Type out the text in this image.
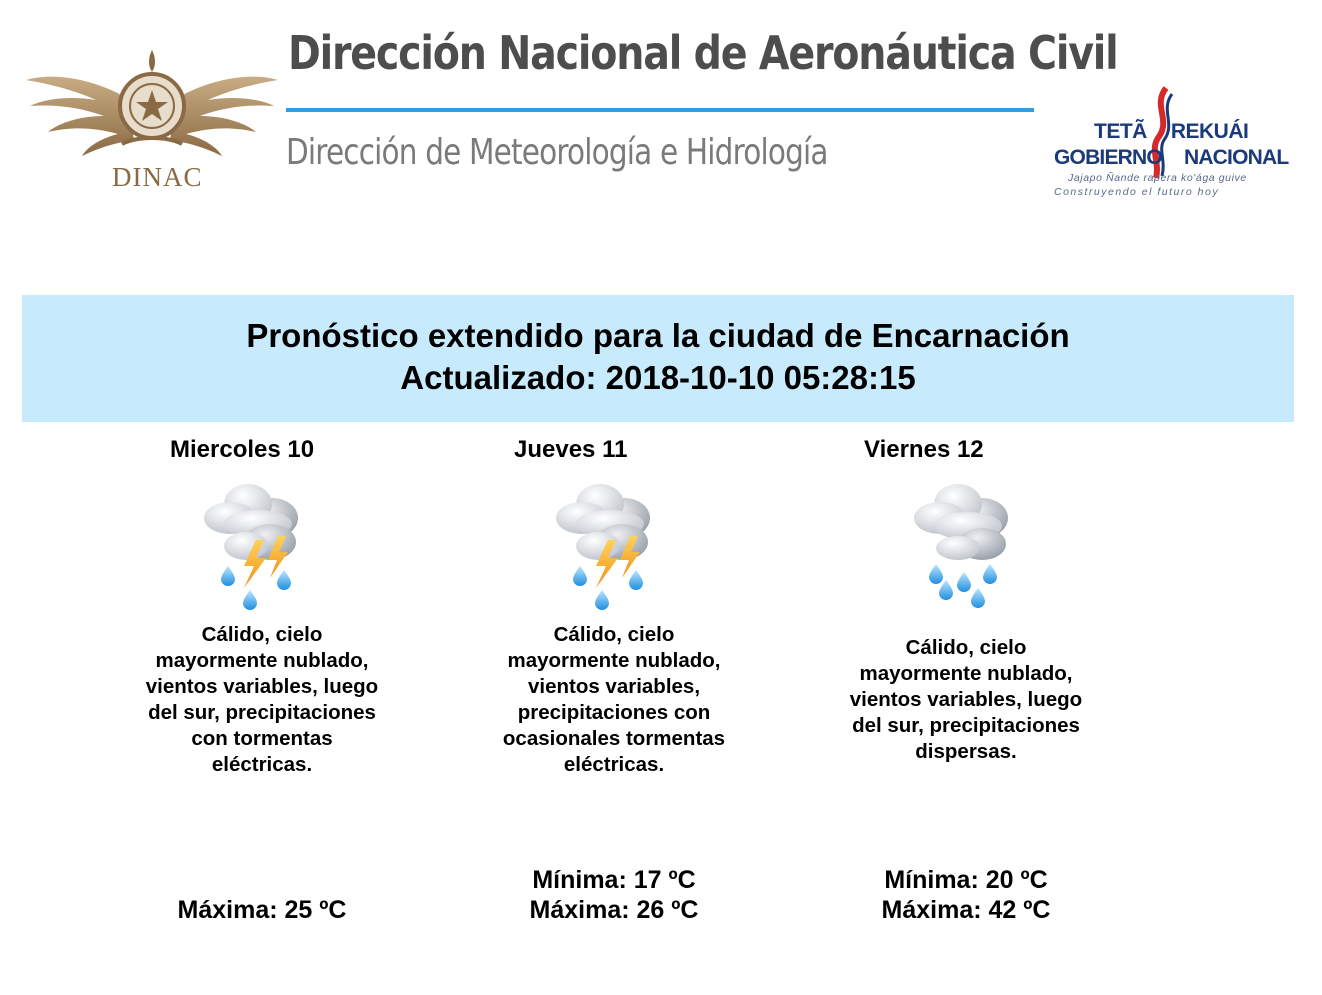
DINAC
Dirección Nacional de Aeronáutica Civil
Dirección de Meteorología e Hidrología
TETÃ REKUÁI
GOBIERNO NACIONAL
Jajapo Ñande rapera ko'ága guive
Construyendo el futuro hoy
Pronóstico extendido para la ciudad de Encarnación
Actualizado: 2018-10-10 05:28:15
Miercoles 10
Cálido, cielo mayormente nublado, vientos variables, luego del sur, precipitaciones con tormentas eléctricas.
Máxima: 25 ºC
Jueves 11
Cálido, cielo mayormente nublado, vientos variables, precipitaciones con ocasionales tormentas eléctricas.
Mínima: 17 ºC
Máxima: 26 ºC
Viernes 12
Cálido, cielo mayormente nublado, vientos variables, luego del sur, precipitaciones dispersas.
Mínima: 20 ºC
Máxima: 42 ºC
